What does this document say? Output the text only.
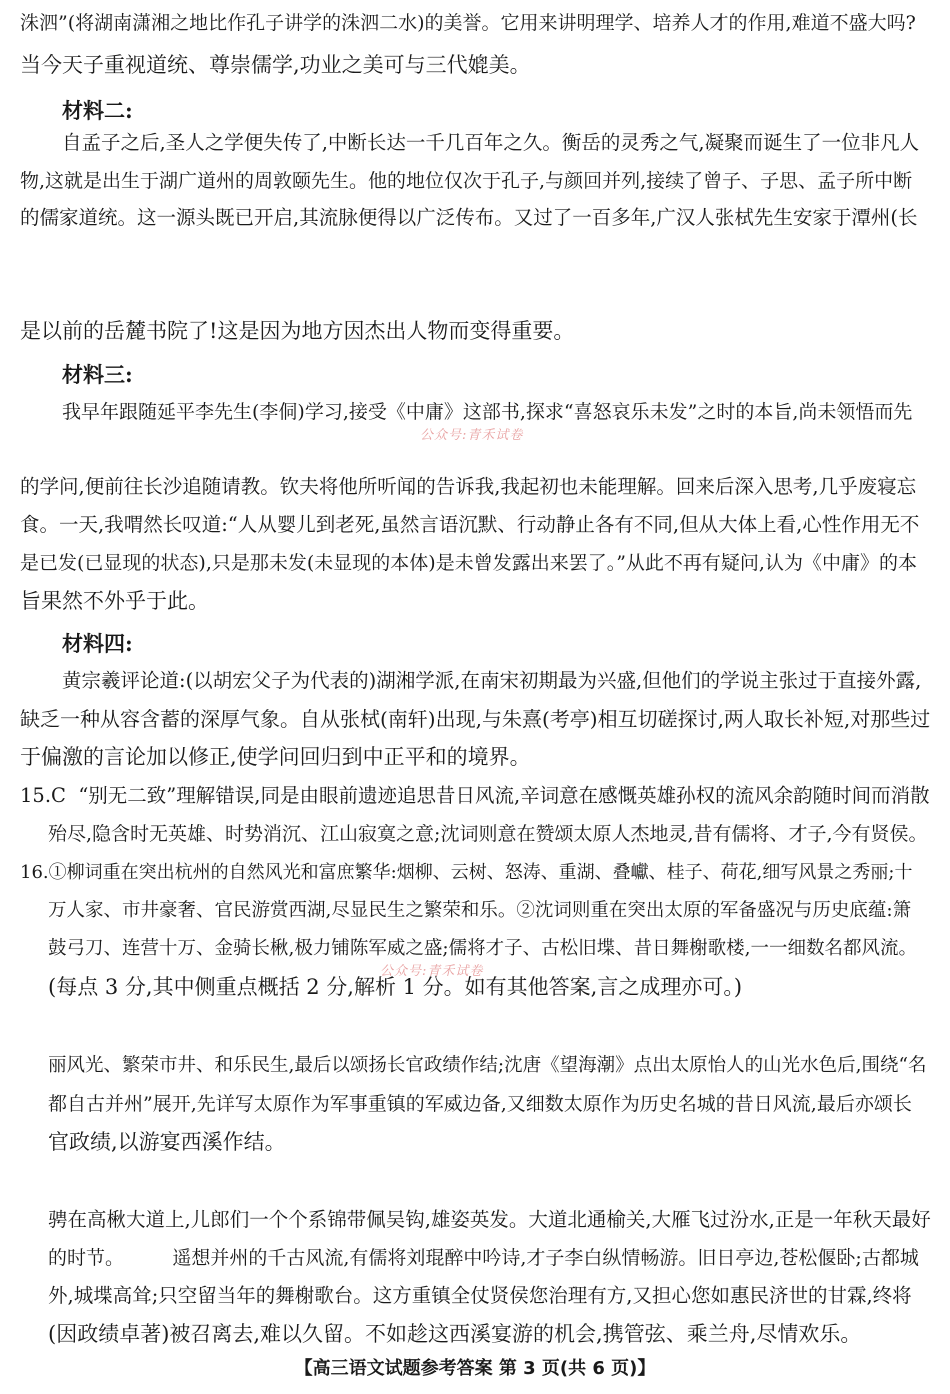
洙泗”(将湖南潇湘之地比作孔子讲学的洙泗二水)的美誉。它用来讲明理学、培养人才的作用,难道不盛大吗?
当今天子重视道统、尊崇儒学,功业之美可与三代媲美。
材料二:
自孟子之后,圣人之学便失传了,中断长达一千几百年之久。衡岳的灵秀之气,凝聚而诞生了一位非凡人
物,这就是出生于湖广道州的周敦颐先生。他的地位仅次于孔子,与颜回并列,接续了曾子、子思、孟子所中断
的儒家道统。这一源头既已开启,其流脉便得以广泛传布。又过了一百多年,广汉人张栻先生安家于潭州(长

是以前的岳麓书院了!这是因为地方因杰出人物而变得重要。
材料三:
我早年跟随延平李先生(李侗)学习,接受《中庸》这部书,探求“喜怒哀乐未发”之时的本旨,尚未领悟而先
公众号:青禾试卷

的学问,便前往长沙追随请教。钦夫将他所听闻的告诉我,我起初也未能理解。回来后深入思考,几乎废寝忘
食。一天,我喟然长叹道:“人从婴儿到老死,虽然言语沉默、行动静止各有不同,但从大体上看,心性作用无不
是已发(已显现的状态),只是那未发(未显现的本体)是未曾发露出来罢了。”从此不再有疑问,认为《中庸》的本
旨果然不外乎于此。
材料四:
黄宗羲评论道:(以胡宏父子为代表的)湖湘学派,在南宋初期最为兴盛,但他们的学说主张过于直接外露,
缺乏一种从容含蓄的深厚气象。自从张栻(南轩)出现,与朱熹(考亭)相互切磋探讨,两人取长补短,对那些过
于偏激的言论加以修正,使学问回归到中正平和的境界。
15.C  “别无二致”理解错误,同是由眼前遗迹追思昔日风流,辛词意在感慨英雄孙权的流风余韵随时间而消散
殆尽,隐含时无英雄、时势消沉、江山寂寞之意;沈词则意在赞颂太原人杰地灵,昔有儒将、才子,今有贤侯。
16.①柳词重在突出杭州的自然风光和富庶繁华:烟柳、云树、怒涛、重湖、叠巘、桂子、荷花,细写风景之秀丽;十
万人家、市井豪奢、官民游赏西湖,尽显民生之繁荣和乐。②沈词则重在突出太原的军备盛况与历史底蕴:箫
鼓弓刀、连营十万、金骑长楸,极力铺陈军威之盛;儒将才子、古松旧堞、昔日舞榭歌楼,一一细数名都风流。
公众号:青禾试卷
(每点 3 分,其中侧重点概括 2 分,解析 1 分。如有其他答案,言之成理亦可。)

丽风光、繁荣市井、和乐民生,最后以颂扬长官政绩作结;沈唐《望海潮》点出太原怡人的山光水色后,围绕“名
都自古并州”展开,先详写太原作为军事重镇的军威边备,又细数太原作为历史名城的昔日风流,最后亦颂长
官政绩,以游宴西溪作结。

骋在高楸大道上,儿郎们一个个系锦带佩吴钩,雄姿英发。大道北通榆关,大雁飞过汾水,正是一年秋天最好
的时节。        遥想并州的千古风流,有儒将刘琨醉中吟诗,才子李白纵情畅游。旧日亭边,苍松偃卧;古都城
外,城堞高耸;只空留当年的舞榭歌台。这方重镇全仗贤侯您治理有方,又担心您如惠民济世的甘霖,终将
(因政绩卓著)被召离去,难以久留。不如趁这西溪宴游的机会,携管弦、乘兰舟,尽情欢乐。
【高三语文试题参考答案 第 3 页(共 6 页)】
